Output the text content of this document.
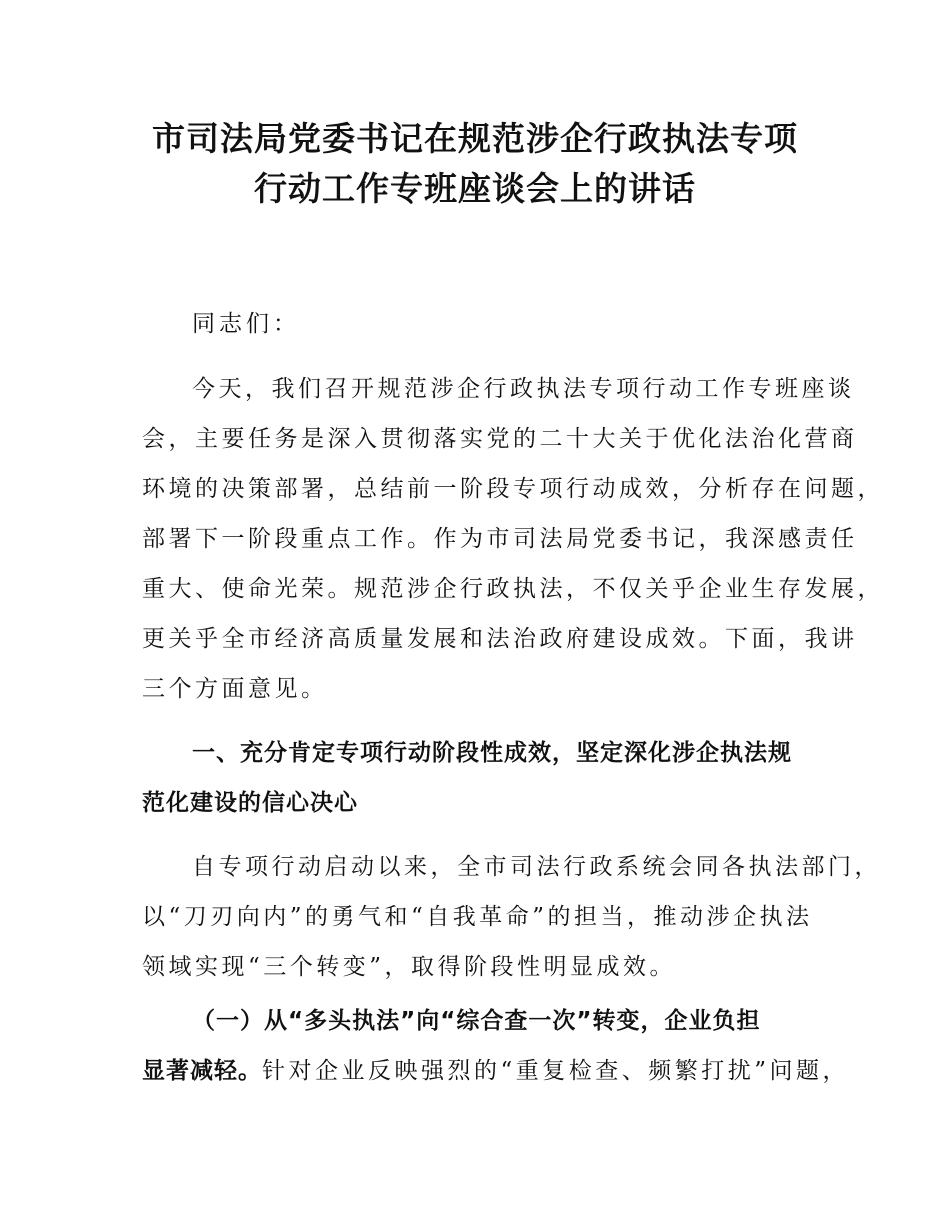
市司法局党委书记在规范涉企行政执法专项
行动工作专班座谈会上的讲话

同志们：

今天，我们召开规范涉企行政执法专项行动工作专班座谈
会，主要任务是深入贯彻落实党的二十大关于优化法治化营商
环境的决策部署，总结前一阶段专项行动成效，分析存在问题，
部署下一阶段重点工作。作为市司法局党委书记，我深感责任
重大、使命光荣。规范涉企行政执法，不仅关乎企业生存发展，
更关乎全市经济高质量发展和法治政府建设成效。下面，我讲
三个方面意见。
一、充分肯定专项行动阶段性成效，坚定深化涉企执法规
范化建设的信心决心
自专项行动启动以来，全市司法行政系统会同各执法部门，
以“刀刃向内”的勇气和“自我革命”的担当，推动涉企执法
领域实现“三个转变”，取得阶段性明显成效。
（一）从“多头执法”向“综合查一次”转变，企业负担
显著减轻。针对企业反映强烈的“重复检查、频繁打扰”问题，
